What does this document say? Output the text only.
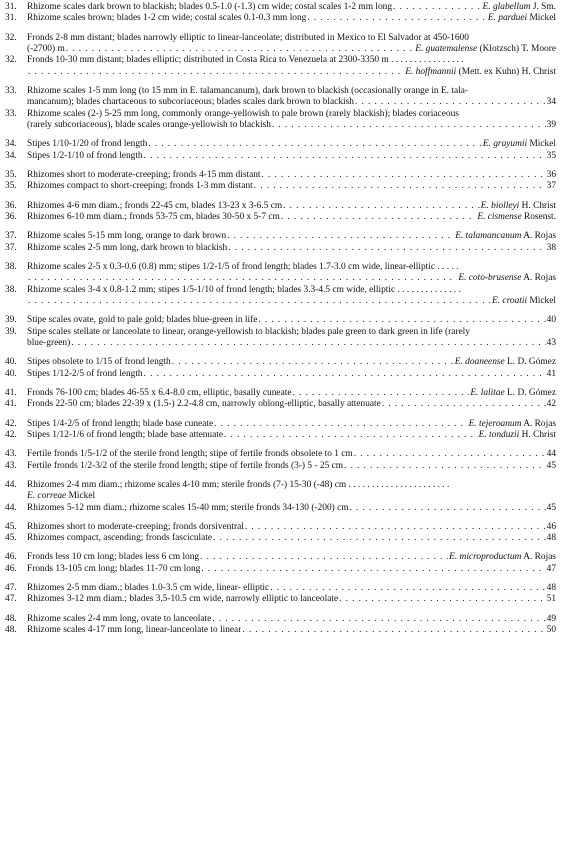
31.	Rhizome scales dark brown to blackish; blades 0.5-1.0 (-1.3) cm wide; costal scales 1-2 mm long . . .	E. glabellum J. Sm.
31.	Rhizome scales brown; blades 1-2 cm wide; costal scales 0.1-0.3 mm long . . .	E. parduei Mickel
32.	Fronds 2-8 mm distant; blades narrowly elliptic to linear-lanceolate; distributed in Mexico to El Salvador at 450-1600
(-2700) m . . .	E. guatemalense (Klotzsch) T. Moore
32.	Fronds 10-30 mm distant; blades elliptic; distributed in Costa Rica to Venezuela at 2300-3350 m . . . . . . . . . . . . . . . .
. . .
E. hoffmannii (Mett. ex Kuhn) H. Christ
33.	Rhizome scales 1-5 mm long (to 15 mm in E. talamancanum), dark brown to blackish (occasionally orange in E. tala-
mancanum); blades chartaceous to subcoriaceous; blades scales dark brown to blackish . . .	34
33.	Rhizome scales (2-) 5-25 mm long, commonly orange-yellowish to pale brown (rarely blackish); blades coriaceous
(rarely subcoriaceous), blade scales orange-yellowish to blackish . . .	39
34.	Stipes 1/10-1/20 of frond length . . .	E. grayumii Mickel
34.	Stipes 1/2-1/10 of frond length . . .	35
35.	Rhizomes short to moderate-creeping; fronds 4-15 mm distant . . .	36
35.	Rhizomes compact to short-creeping; fronds 1-3 mm distant . . .	37
36.	Rhizomes 4-6 mm diam.; fronds 22-45 cm, blades 13-23 x 3-6.5 cm . . .	E. biolleyi H. Christ
36.	Rhizomes 6-10 mm diam.; fronds 53-75 cm, blades 30-50 x 5-7 cm . . .	E. cismense Rosenst.
37.	Rhizome scales 5-15 mm long, orange to dark brown . . .	E. talamancanum A. Rojas
37.	Rhizome scales 2-5 mm long, dark brown to blackish . . .	38
38.	Rhizome scales 2-5 x 0.3-0.6 (0.8) mm; stipes 1/2-1/5 of frond length; blades 1.7-3.0 cm wide, linear-elliptic . . . . .
. . .
E. coto-brusense A. Rojas
38.	Rhizome scales 3-4 x 0.8-1.2 mm; stipes 1/5-1/10 of frond length; blades 3.3-4.5 cm wide, elliptic . . . . . . . . . . . . . .
. . .
E. croatii Mickel
39.	Stipe scales ovate, gold to pale gold; blades blue-green in life . . .	40
39.	Stipe scales stellate or lanceolate to linear, orange-yellowish to blackish; blades pale green to dark green in life (rarely
blue-green) . . .	43
40.	Stipes obsolete to 1/15 of frond length . . .	E. doaneense L. D. Gómez
40.	Stipes 1/12-2/5 of frond length . . .	41
41.	Fronds 76-100 cm; blades 46-55 x 6.4-8.0 cm, elliptic, basally cuneate . . .	E. lalitae L. D. Gómez
41.	Fronds 22-50 cm; blades 22-39 x (1.5-) 2.2-4.8 cm, narrowly oblong-elliptic, basally attenuate . . .	42
42.	Stipes 1/4-2/5 of frond length; blade base cuneate . . .	E. tejeroanum A. Rojas
42.	Stipes 1/12-1/6 of frond length; blade base attenuate . . .	E. tonduzii H. Christ
43.	Fertile fronds 1/5-1/2 of the sterile frond length; stipe of fertile fronds obsolete to 1 cm . . .	44
43.	Fertile fronds 1/2-3/2 of the sterile frond length; stipe of fertile fronds (3-) 5 - 25 cm . . .	45
44.	Rhizomes 2-4 mm diam.; rhizome scales 4-10 mm; sterile fronds (7-) 15-30 (-48) cm . . . . . . . . . . . . . . . . . . . . . .
E. correae Mickel
44.	Rhizomes 5-12 mm diam.; rhizome scales 15-40 mm; sterile fronds 34-130 (-200) cm . . .	45
45.	Rhizomes short to moderate-creeping; fronds dorsiventral . . .	46
45.	Rhizomes compact, ascending; fronds fasciculate . . .	48
46.	Fronds less 10 cm long; blades less 6 cm long . . .	E. microproductum A. Rojas
46.	Fronds 13-105 cm long; blades 11-70 cm long . . .	47
47.	Rhizomes 2-5 mm diam.; blades 1.0-3.5 cm wide, linear- elliptic . . .	48
47.	Rhizomes 3-12 mm diam.; blades 3.5-10.5 cm wide, narrowly elliptic to lanceolate . . .	51
48.	Rhizome scales 2-4 mm long, ovate to lanceolate . . .	49
48.	Rhizome scales 4-17 mm long, linear-lanceolate to linear . . .	50
